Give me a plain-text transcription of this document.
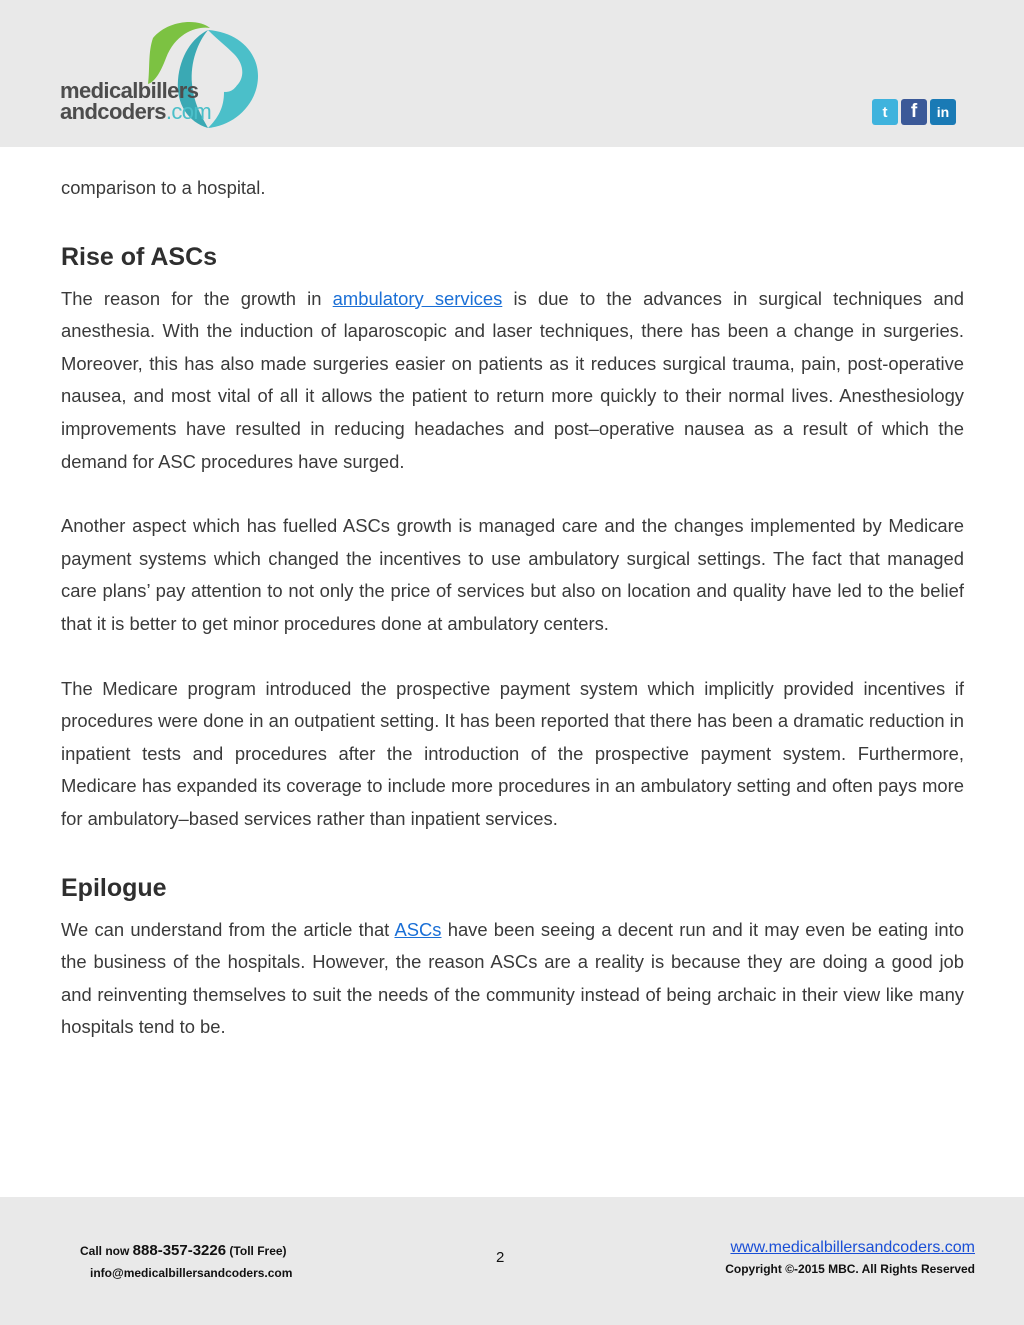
medicalbillers
andcoders.com	t	f	in

comparison to a hospital.

Rise of ASCs

The reason for the growth in ambulatory services is due to the advances in surgical techniques and anesthesia. With the induction of laparoscopic and laser techniques, there has been a change in surgeries. Moreover, this has also made surgeries easier on patients as it reduces surgical trauma, pain, post-operative nausea, and most vital of all it allows the patient to return more quickly to their normal lives. Anesthesiology improvements have resulted in reducing headaches and post–operative nausea as a result of which the demand for ASC procedures have surged.

Another aspect which has fuelled ASCs growth is managed care and the changes implemented by Medicare payment systems which changed the incentives to use ambulatory surgical settings. The fact that managed care plans’ pay attention to not only the price of services but also on location and quality have led to the belief that it is better to get minor procedures done at ambulatory centers.

The Medicare program introduced the prospective payment system which implicitly provided incentives if procedures were done in an outpatient setting. It has been reported that there has been a dramatic reduction in inpatient tests and procedures after the introduction of the prospective payment system. Furthermore, Medicare has expanded its coverage to include more procedures in an ambulatory setting and often pays more for ambulatory–based services rather than inpatient services.

Epilogue

We can understand from the article that ASCs have been seeing a decent run and it may even be eating into the business of the hospitals. However, the reason ASCs are a reality is because they are doing a good job and reinventing themselves to suit the needs of the community instead of being archaic in their view like many hospitals tend to be.

Call now 888-357-3226 (Toll Free)
info@medicalbillersandcoders.com
2
www.medicalbillersandcoders.com
Copyright ©-2015 MBC. All Rights Reserved
